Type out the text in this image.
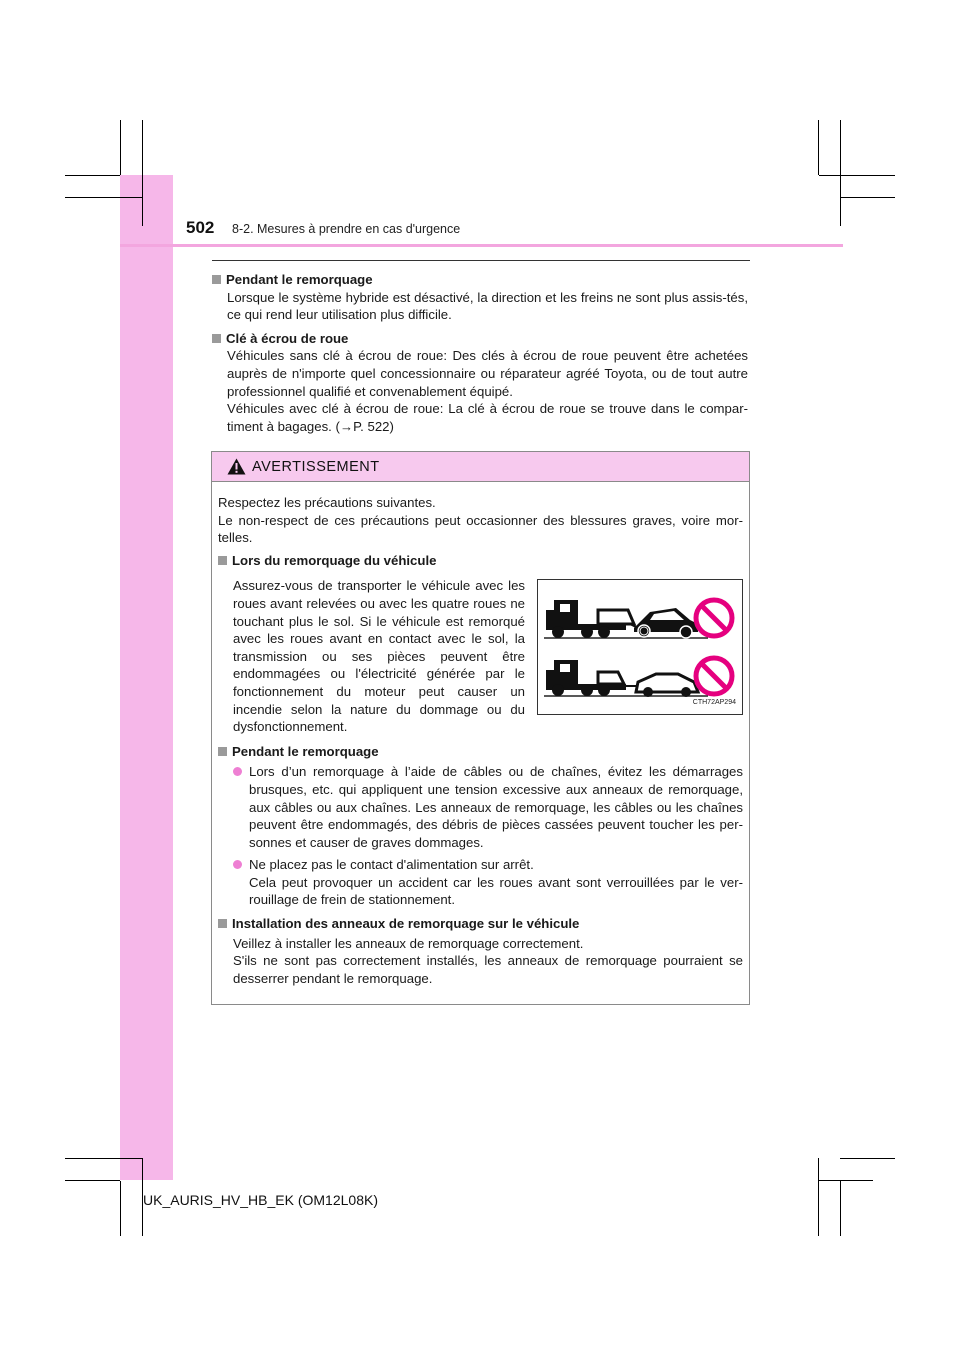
502 8-2. Mesures à prendre en cas d'urgence
Pendant le remorquage

Lorsque le système hybride est désactivé, la direction et les freins ne sont plus assis-tés, ce qui rend leur utilisation plus difficile.

Clé à écrou de roue

Véhicules sans clé à écrou de roue: Des clés à écrou de roue peuvent être achetées auprès de n'importe quel concessionnaire ou réparateur agréé Toyota, ou de tout autre professionnel qualifié et convenablement équipé.

Véhicules avec clé à écrou de roue: La clé à écrou de roue se trouve dans le compar-timent à bagages. (→P. 522)

AVERTISSEMENT

Respectez les précautions suivantes.

Le non-respect de ces précautions peut occasionner des blessures graves, voire mor-telles.

Lors du remorquage du véhicule
Assurez-vous de transporter le véhicule avec les roues avant relevées ou avec les quatre roues ne touchant plus le sol. Si le véhicule est remorqué avec les roues avant en contact avec le sol, la transmission ou ses pièces peuvent être endommagées ou l'électricité générée par le fonctionnement du moteur peut causer un incendie selon la nature du dommage ou du dysfonctionnement.
CTH72AP294
Pendant le remorquage
Lors d’un remorquage à l’aide de câbles ou de chaînes, évitez les démarrages brusques, etc. qui appliquent une tension excessive aux anneaux de remorquage, aux câbles ou aux chaînes. Les anneaux de remorquage, les câbles ou les chaînes peuvent être endommagés, des débris de pièces cassées peuvent toucher les per-sonnes et causer de graves dommages.

Ne placez pas le contact d'alimentation sur arrêt.

Cela peut provoquer un accident car les roues avant sont verrouillées par le ver-rouillage de frein de stationnement.

Installation des anneaux de remorquage sur le véhicule

Veillez à installer les anneaux de remorquage correctement.

S'ils ne sont pas correctement installés, les anneaux de remorquage pourraient se desserrer pendant le remorquage.

UK_AURIS_HV_HB_EK (OM12L08K)
